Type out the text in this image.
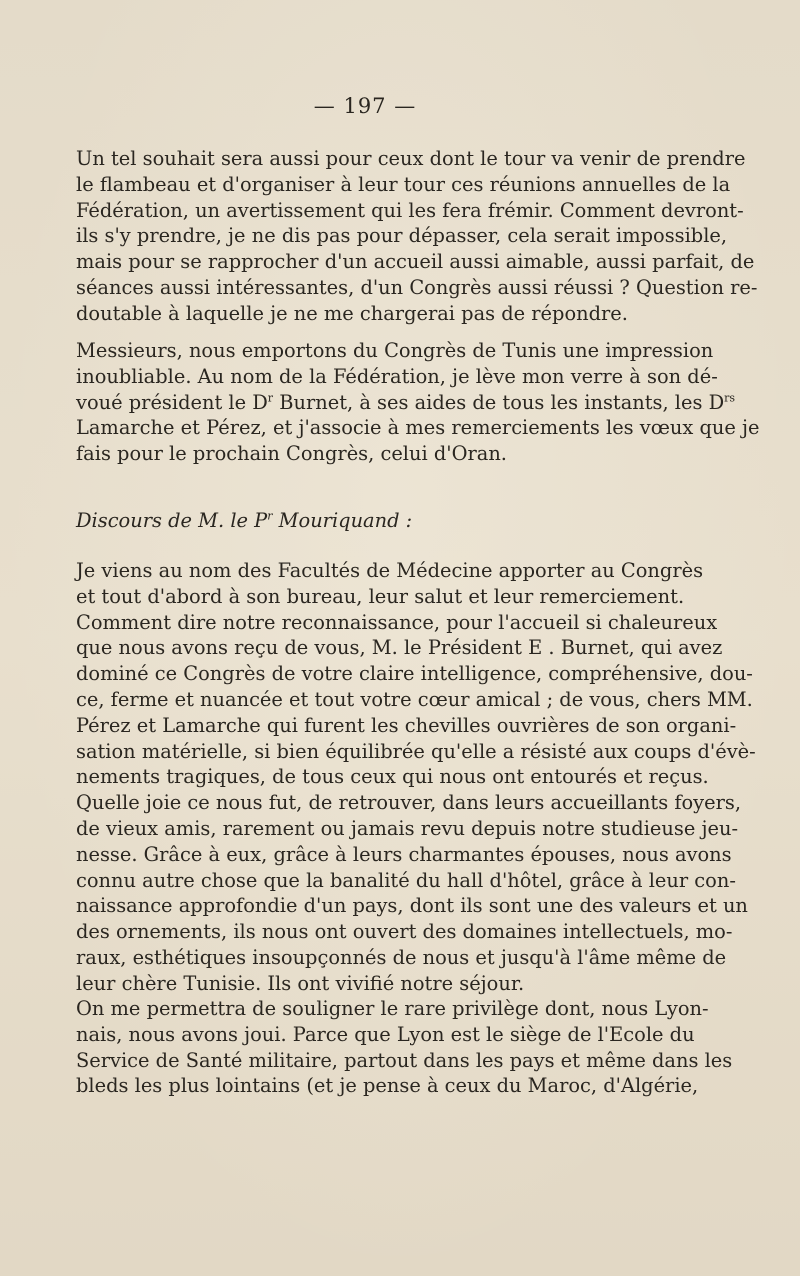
— 197 —
Un tel souhait sera aussi pour ceux dont le tour va venir de prendre
le flambeau et d'organiser à leur tour ces réunions annuelles de la
Fédération, un avertissement qui les fera frémir. Comment devront-
ils s'y prendre, je ne dis pas pour dépasser, cela serait impossible,
mais pour se rapprocher d'un accueil aussi aimable, aussi parfait, de
séances aussi intéressantes, d'un Congrès aussi réussi ? Question re-
doutable à laquelle je ne me chargerai pas de répondre.
Messieurs, nous emportons du Congrès de Tunis une impression
inoubliable. Au nom de la Fédération, je lève mon verre à son dé-
voué président le $D^r$ Burnet, à ses aides de tous les instants, les $D^{rs}$
Lamarche et Pérez, et j'associe à mes remerciements les vœux que je
fais pour le prochain Congrès, celui d'Oran.
Discours de M. le $P^r$ Mouriquand :
Je viens au nom des Facultés de Médecine apporter au Congrès
et tout d'abord à son bureau, leur salut et leur remerciement.
Comment dire notre reconnaissance, pour l'accueil si chaleureux
que nous avons reçu de vous, M. le Président E . Burnet, qui avez
dominé ce Congrès de votre claire intelligence, compréhensive, dou-
ce, ferme et nuancée et tout votre cœur amical ; de vous, chers MM.
Pérez et Lamarche qui furent les chevilles ouvrières de son organi-
sation matérielle, si bien équilibrée qu'elle a résisté aux coups d'évè-
nements tragiques, de tous ceux qui nous ont entourés et reçus.
Quelle joie ce nous fut, de retrouver, dans leurs accueillants foyers,
de vieux amis, rarement ou jamais revu depuis notre studieuse jeu-
nesse. Grâce à eux, grâce à leurs charmantes épouses, nous avons
connu autre chose que la banalité du hall d'hôtel, grâce à leur con-
naissance approfondie d'un pays, dont ils sont une des valeurs et un
des ornements, ils nous ont ouvert des domaines intellectuels, mo-
raux, esthétiques insoupçonnés de nous et jusqu'à l'âme même de
leur chère Tunisie. Ils ont vivifié notre séjour.
On me permettra de souligner le rare privilège dont, nous Lyon-
nais, nous avons joui. Parce que Lyon est le siège de l'Ecole du
Service de Santé militaire, partout dans les pays et même dans les
bleds les plus lointains (et je pense à ceux du Maroc, d'Algérie,
